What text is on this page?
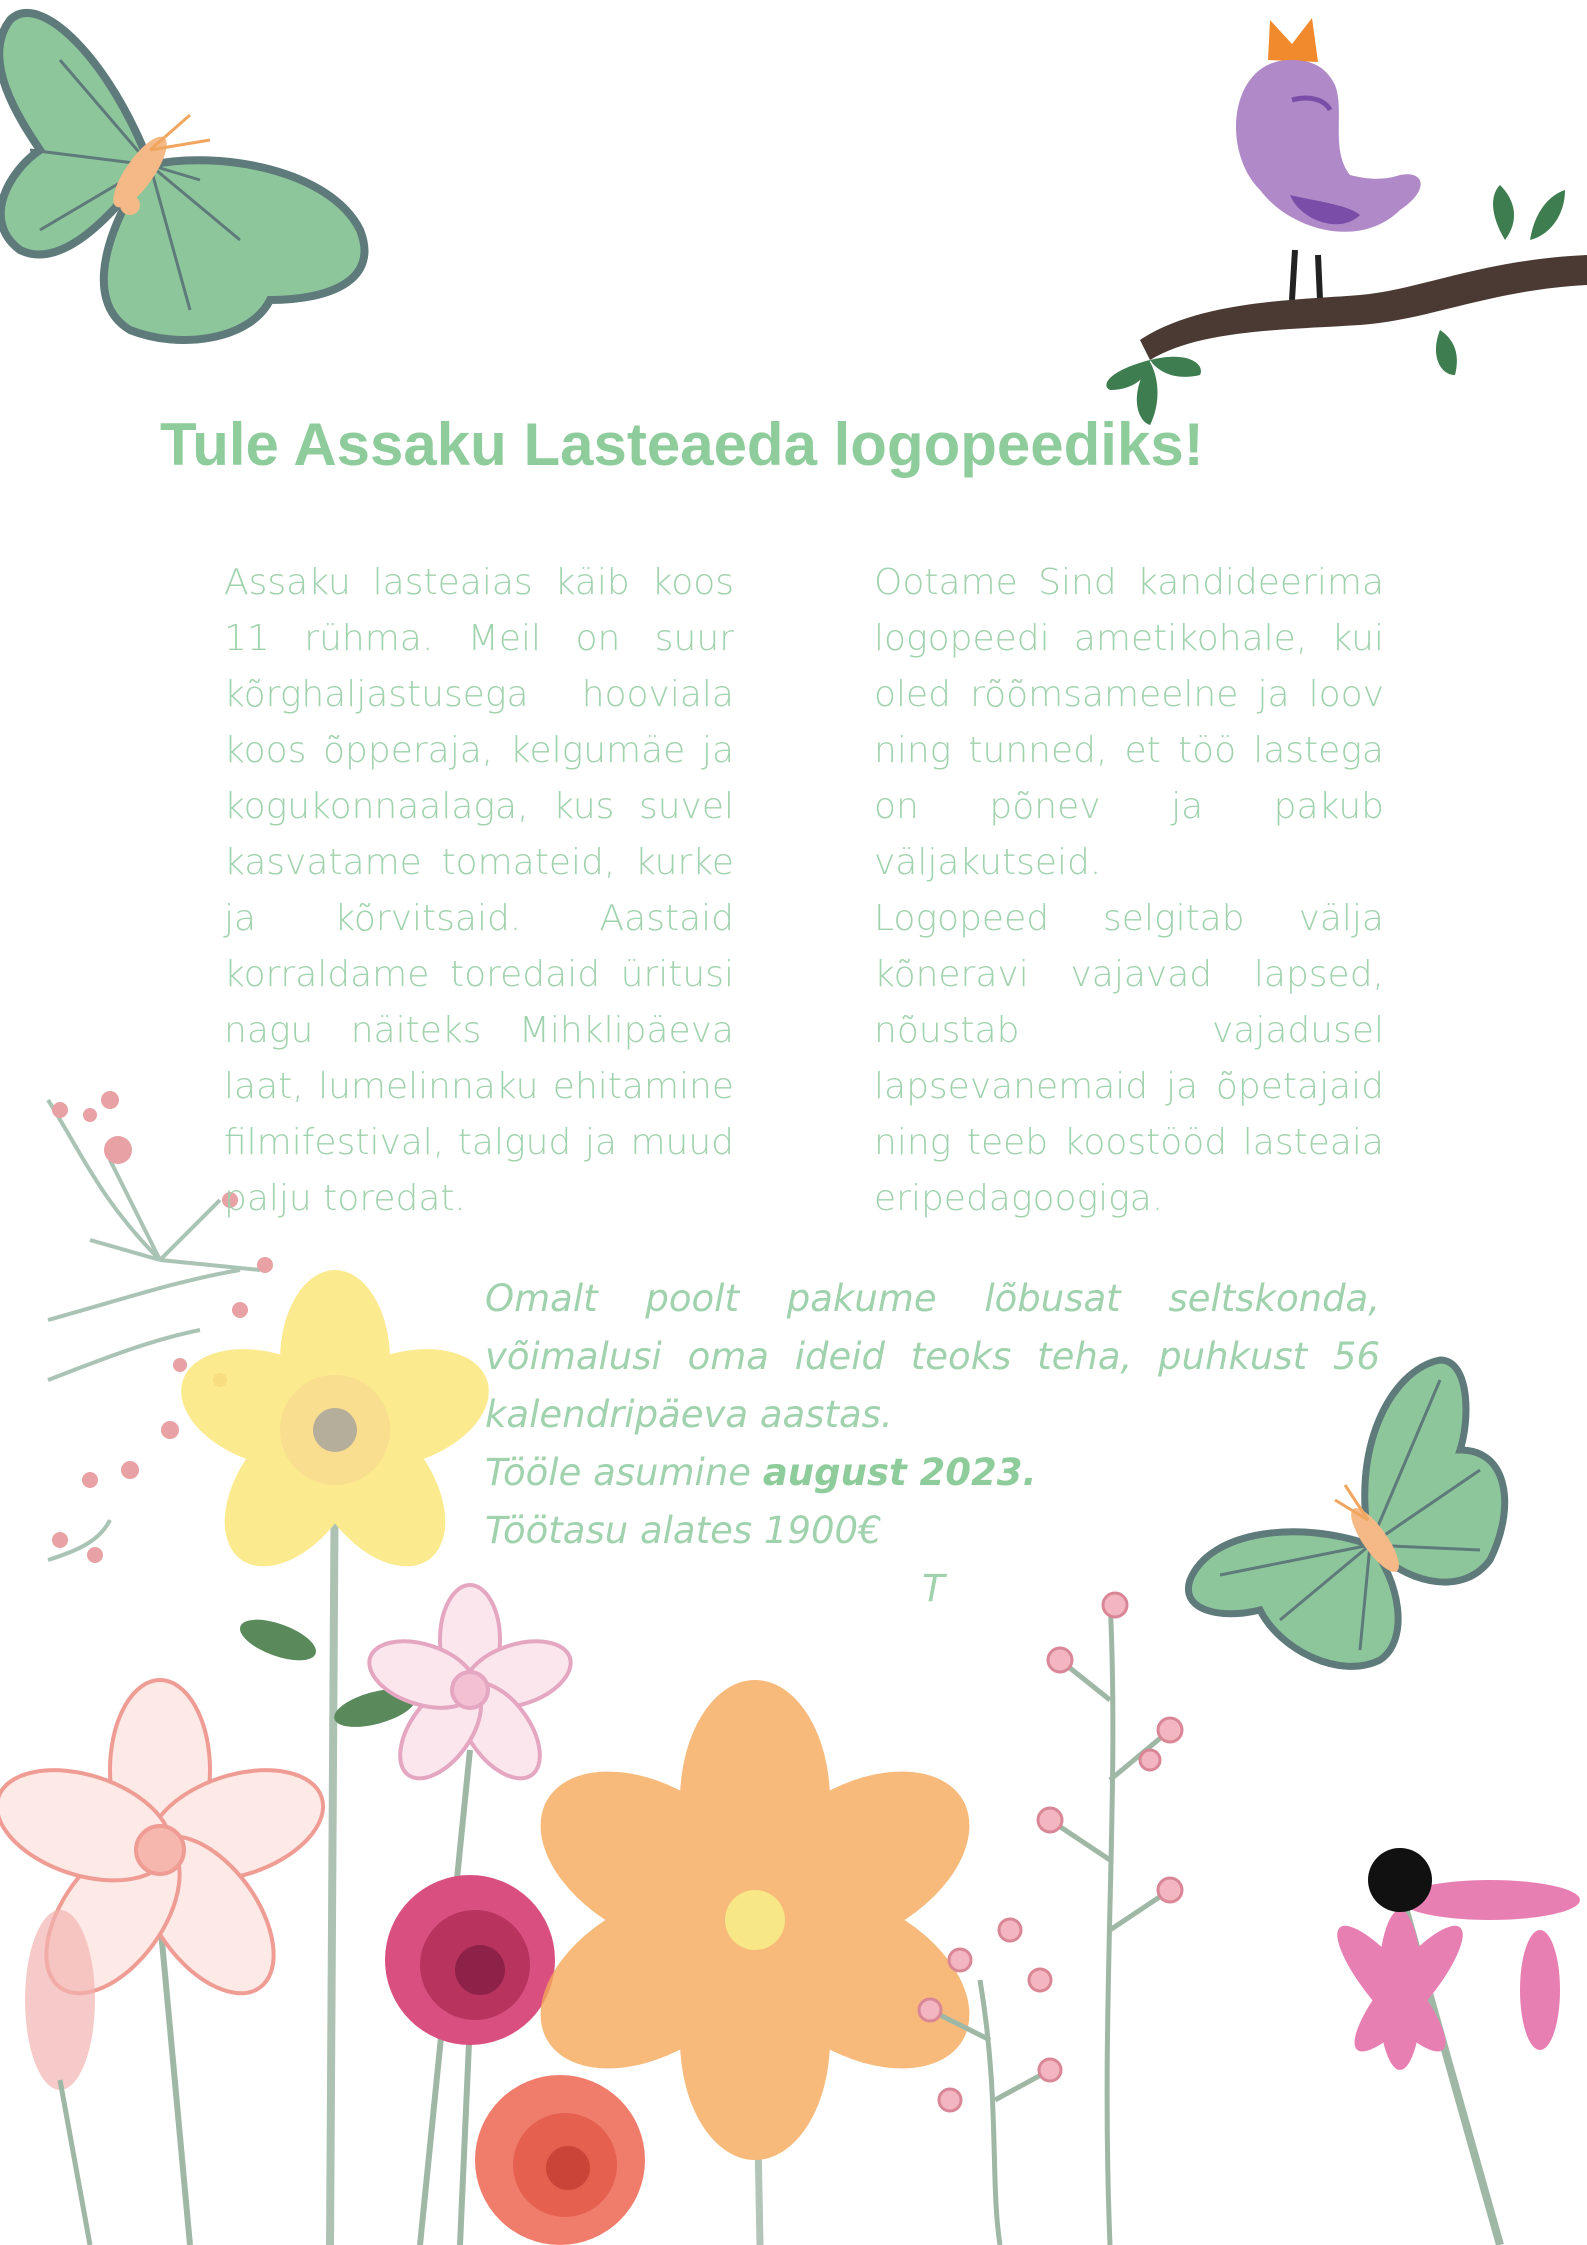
Tule Assaku Lasteaeda logopeediks!

Assaku lasteaias käib koos 11 rühma. Meil on suur kõrghaljastusega hooviala koos õpperaja, kelgumäe ja kogukonnaalaga, kus suvel kasvatame tomateid, kurke ja kõrvitsaid. Aastaid korraldame toredaid üritusi nagu näiteks Mihklipäeva laat, lumelinnaku ehitamine filmifestival, talgud ja muud palju toredat.

Ootame Sind kandideerima logopeedi ametikohale, kui oled rõõmsameelne ja loov ning tunned, et töö lastega on põnev ja pakub väljakutseid.

Logopeed selgitab välja kõneravi vajavad lapsed, nõustab vajadusel lapsevanemaid ja õpetajaid ning teeb koostööd lasteaia eripedagoogiga.

Omalt poolt pakume lõbusat seltskonda, võimalusi oma ideid teoks teha, puhkust 56 kalendripäeva aastas.

Tööle asumine august 2023.

Töötasu alates 1900€

T
